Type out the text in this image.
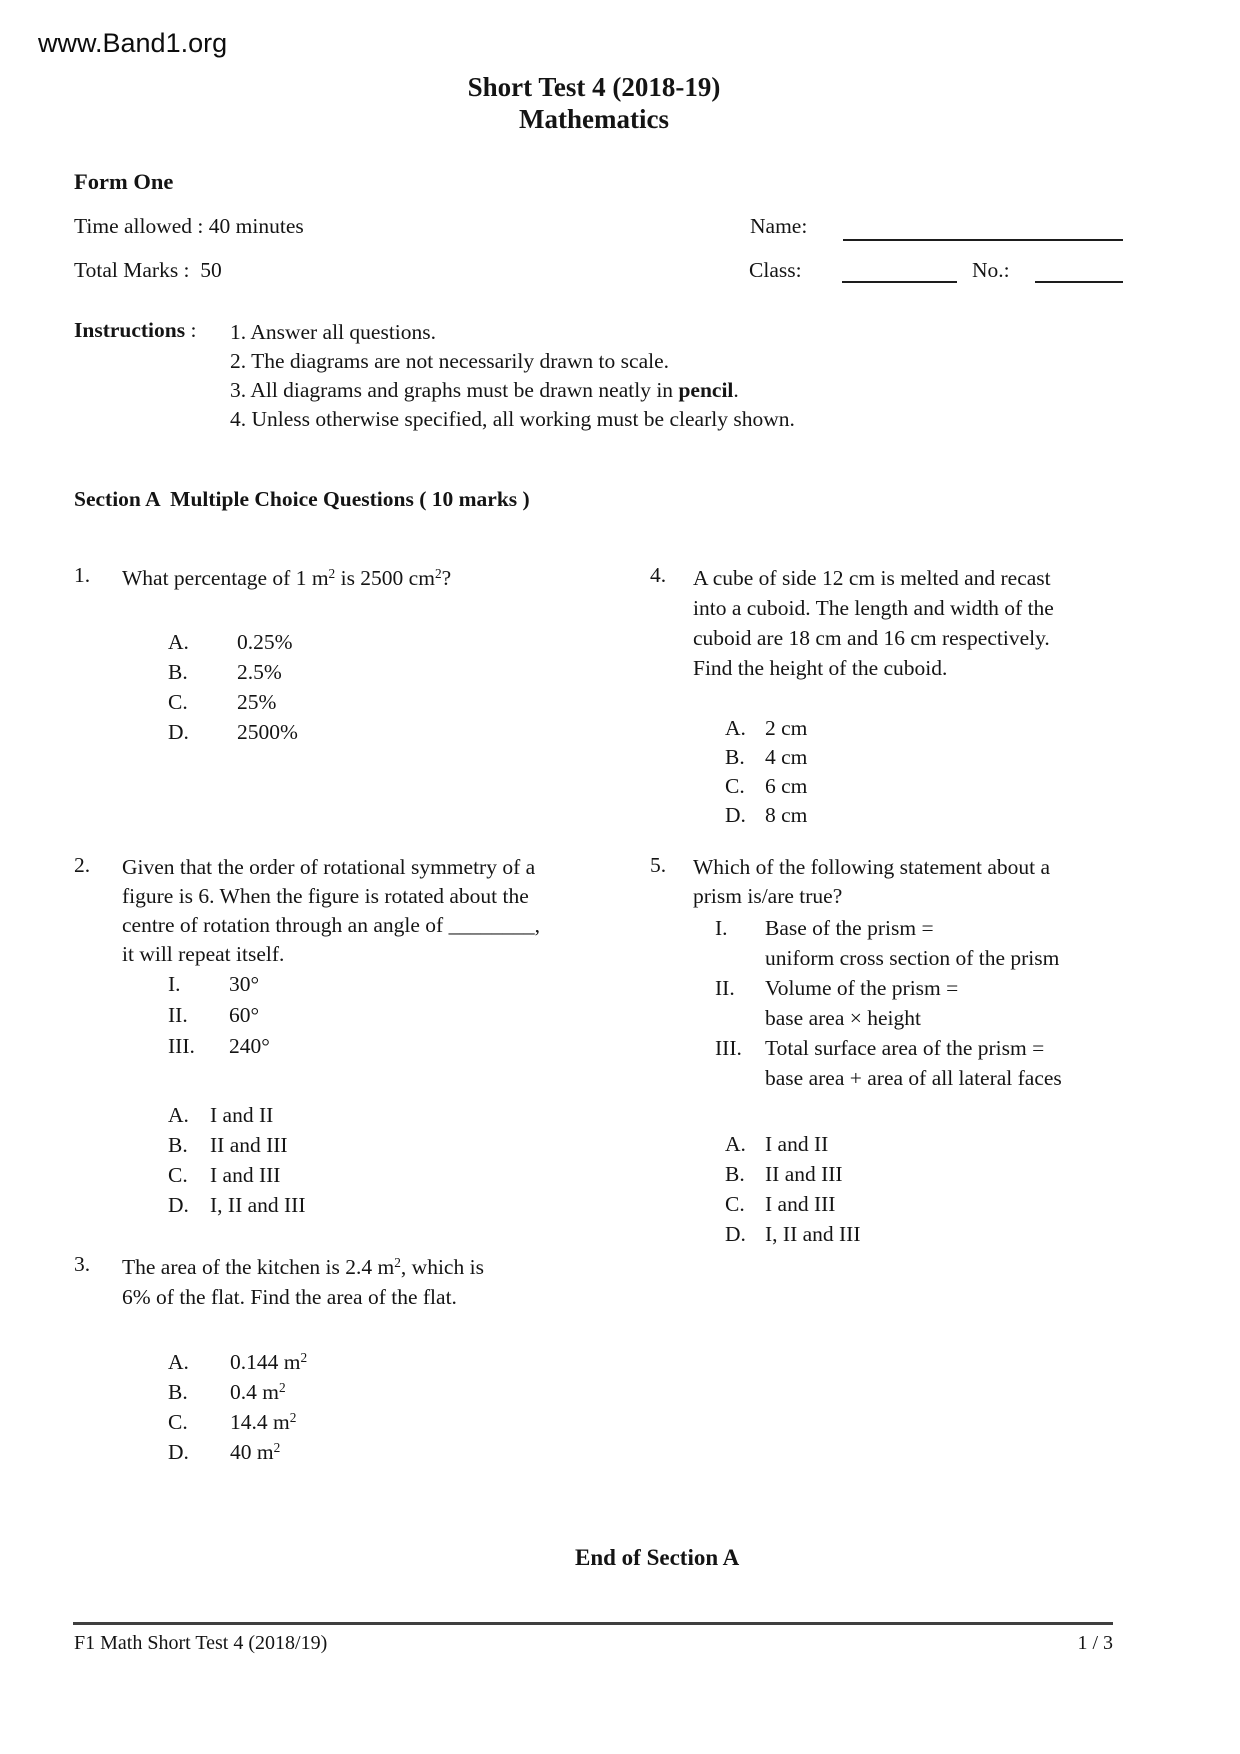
www.Band1.org
Short Test 4 (2018-19)
Mathematics
Form One
Time allowed : 40 minutes	Name:
Total Marks :  50	Class:	No.:
Instructions : 1. Answer all questions.
2. The diagrams are not necessarily drawn to scale.
3. All diagrams and graphs must be drawn neatly in pencil.
4. Unless otherwise specified, all working must be clearly shown.
Section A  Multiple Choice Questions ( 10 marks )
1. What percentage of 1 $m^2$ is 2500 $cm^2$?
A.	0.25%
B.	2.5%
C.	25%
D.	2500%
4. A cube of side 12 cm is melted and recast
into a cuboid. The length and width of the
cuboid are 18 cm and 16 cm respectively.
Find the height of the cuboid.
A. 2 cm
B. 4 cm
C. 6 cm
D. 8 cm
2. Given that the order of rotational symmetry of a
figure is 6. When the figure is rotated about the
centre of rotation through an angle of ________,
it will repeat itself.
I.	30°
II.	60°
III.	240°
A. I and II
B.	II and III
C.	I and III
D. I, II and III
5. Which of the following statement about a
prism is/are true?
I.	Base of the prism =
uniform cross section of the prism
II.	Volume of the prism =
base area × height
III.	Total surface area of the prism =
base area + area of all lateral faces
A. I and II
B. II and III
C. I and III
D. I, II and III
3. The area of the kitchen is 2.4 $m^2$, which is
6% of the flat. Find the area of the flat.
A.	0.144 $m^2$
B.	0.4 $m^2$
C.	14.4 $m^2$
D.	40 $m^2$
End of Section A
F1 Math Short Test 4 (2018/19)	1 / 3
